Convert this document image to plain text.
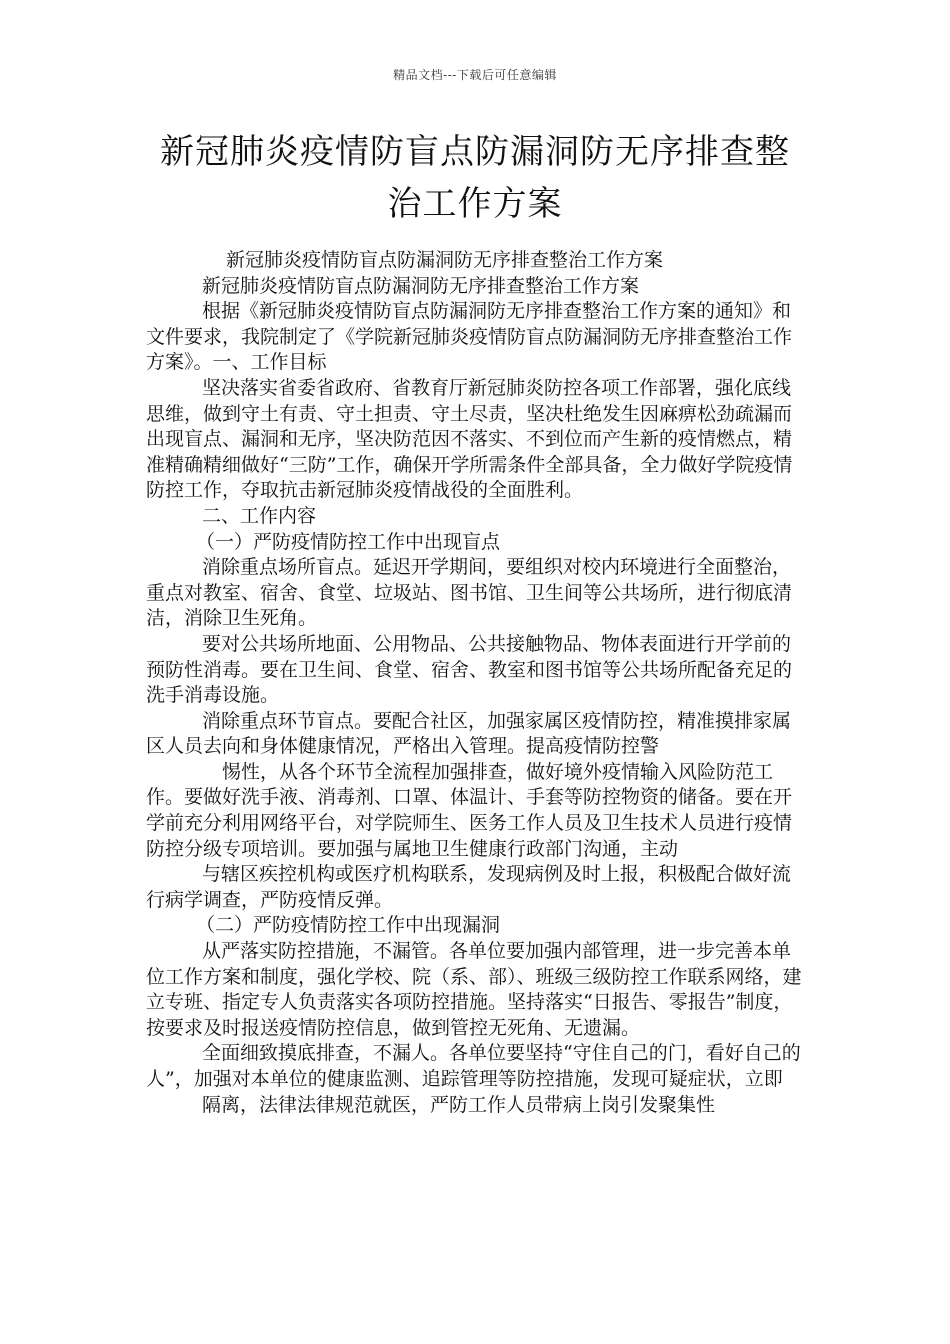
精品文档---下载后可任意编辑
新冠肺炎疫情防盲点防漏洞防无序排查整
治工作方案

新冠肺炎疫情防盲点防漏洞防无序排查整治工作方案

新冠肺炎疫情防盲点防漏洞防无序排查整治工作方案

根据《新冠肺炎疫情防盲点防漏洞防无序排查整治工作方案的通知》和文件要求，我院制定了《学院新冠肺炎疫情防盲点防漏洞防无序排查整治工作方案》。一、工作目标

坚决落实省委省政府、省教育厅新冠肺炎防控各项工作部署，强化底线思维，做到守土有责、守土担责、守土尽责，坚决杜绝发生因麻痹松劲疏漏而出现盲点、漏洞和无序，坚决防范因不落实、不到位而产生新的疫情燃点，精准精确精细做好“三防”工作，确保开学所需条件全部具备，全力做好学院疫情防控工作，夺取抗击新冠肺炎疫情战役的全面胜利。

二、工作内容

（一）严防疫情防控工作中出现盲点

消除重点场所盲点。延迟开学期间，要组织对校内环境进行全面整治，重点对教室、宿舍、食堂、垃圾站、图书馆、卫生间等公共场所，进行彻底清洁，消除卫生死角。

要对公共场所地面、公用物品、公共接触物品、物体表面进行开学前的预防性消毒。要在卫生间、食堂、宿舍、教室和图书馆等公共场所配备充足的洗手消毒设施。

消除重点环节盲点。要配合社区，加强家属区疫情防控，精准摸排家属区人员去向和身体健康情况，严格出入管理。提高疫情防控警

惕性，从各个环节全流程加强排查，做好境外疫情输入风险防范工作。要做好洗手液、消毒剂、口罩、体温计、手套等防控物资的储备。要在开学前充分利用网络平台，对学院师生、医务工作人员及卫生技术人员进行疫情防控分级专项培训。要加强与属地卫生健康行政部门沟通，主动

与辖区疾控机构或医疗机构联系，发现病例及时上报，积极配合做好流行病学调查，严防疫情反弹。

（二）严防疫情防控工作中出现漏洞

从严落实防控措施，不漏管。各单位要加强内部管理，进一步完善本单位工作方案和制度，强化学校、院（系、部）、班级三级防控工作联系网络，建立专班、指定专人负责落实各项防控措施。坚持落实“日报告、零报告”制度，按要求及时报送疫情防控信息，做到管控无死角、无遗漏。

全面细致摸底排查，不漏人。各单位要坚持“守住自己的门，看好自己的人”，加强对本单位的健康监测、追踪管理等防控措施，发现可疑症状，立即

隔离，法律法律规范就医，严防工作人员带病上岗引发聚集性
